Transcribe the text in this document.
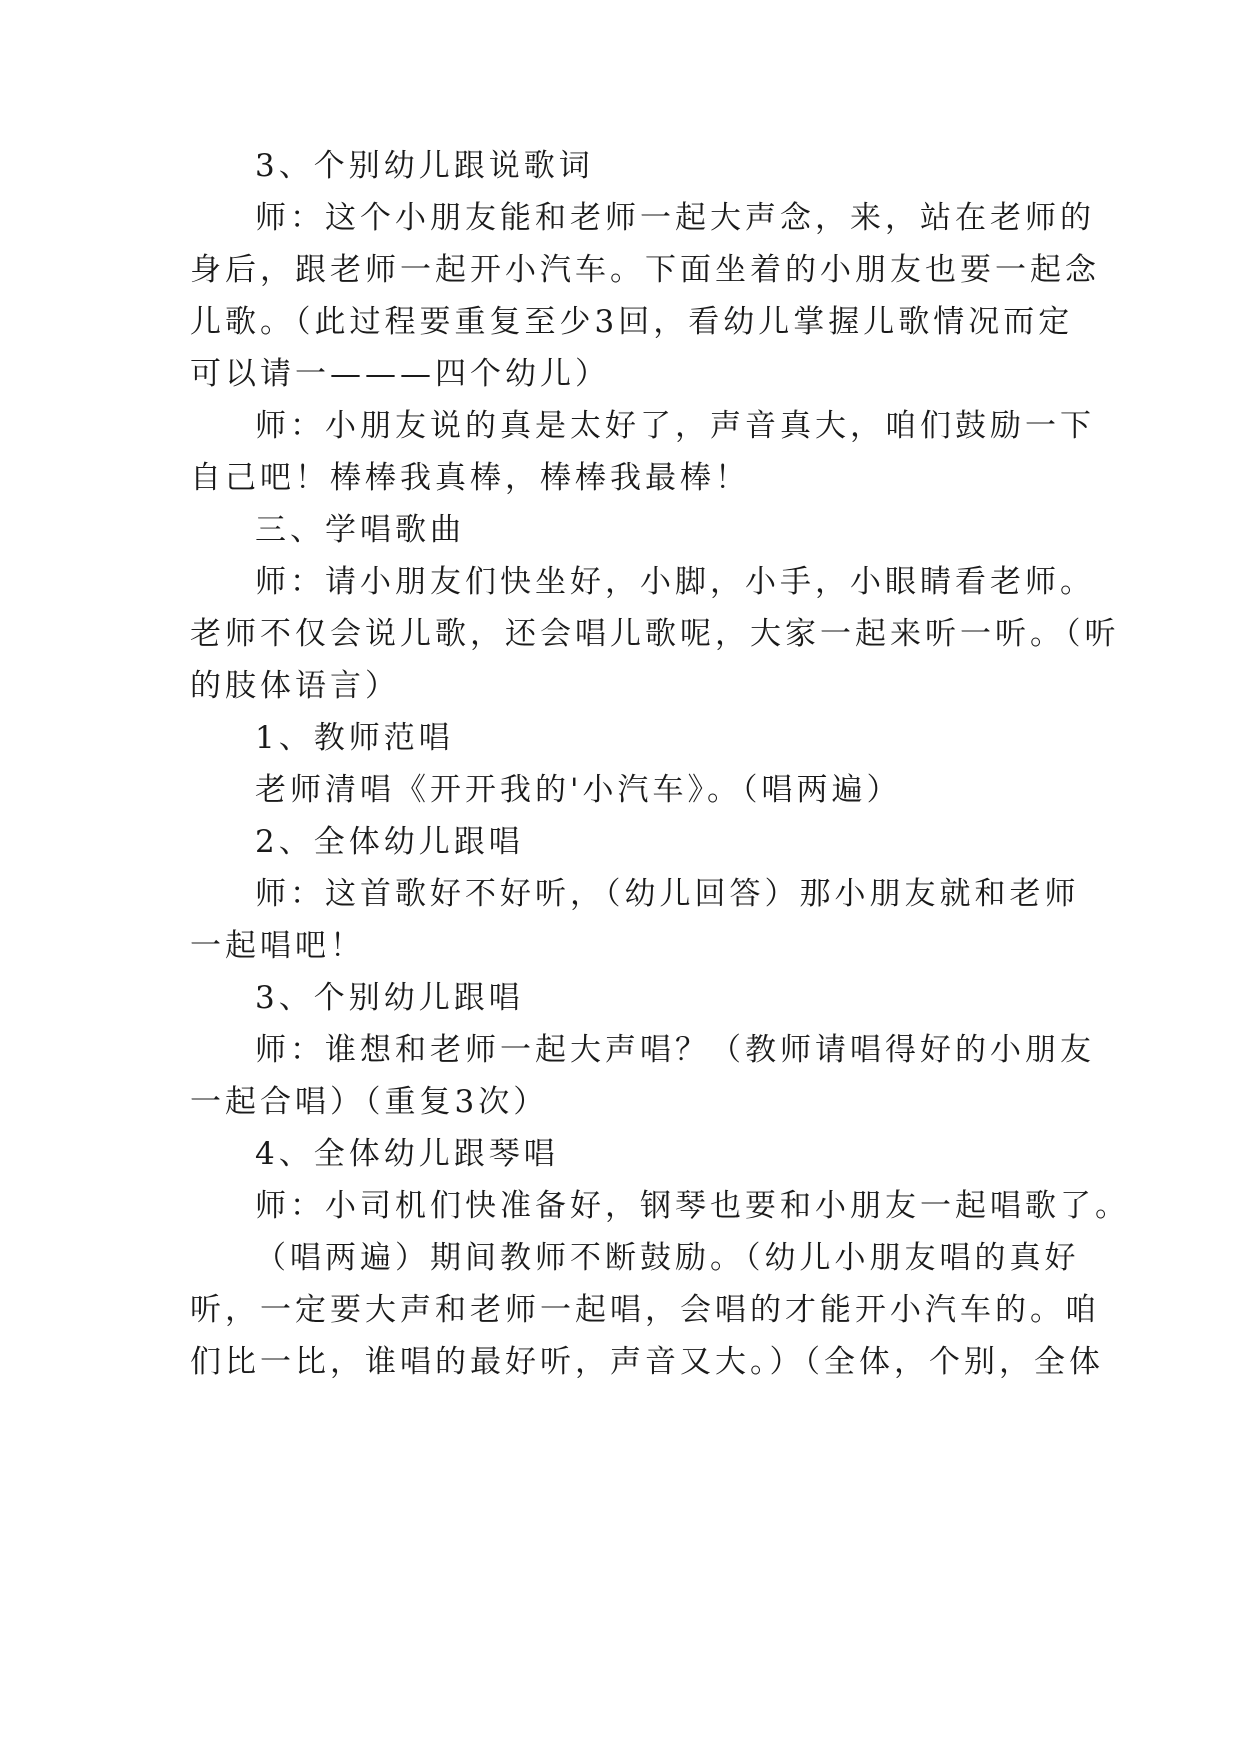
3、个别幼儿跟说歌词
师：这个小朋友能和老师一起大声念，来，站在老师的
身后，跟老师一起开小汽车。下面坐着的小朋友也要一起念
儿歌。（此过程要重复至少3回，看幼儿掌握儿歌情况而定
可以请一———四个幼儿）
师：小朋友说的真是太好了，声音真大，咱们鼓励一下
自己吧！棒棒我真棒，棒棒我最棒！
三、学唱歌曲
师：请小朋友们快坐好，小脚，小手，小眼睛看老师。
老师不仅会说儿歌，还会唱儿歌呢，大家一起来听一听。（听
的肢体语言）
1、教师范唱
老师清唱《开开我的'小汽车》。（唱两遍）
2、全体幼儿跟唱
师：这首歌好不好听，（幼儿回答）那小朋友就和老师
一起唱吧！
3、个别幼儿跟唱
师：谁想和老师一起大声唱？（教师请唱得好的小朋友
一起合唱）（重复3次）
4、全体幼儿跟琴唱
师：小司机们快准备好，钢琴也要和小朋友一起唱歌了。
（唱两遍）期间教师不断鼓励。（幼儿小朋友唱的真好
听，一定要大声和老师一起唱，会唱的才能开小汽车的。咱
们比一比，谁唱的最好听，声音又大。）（全体，个别，全体
